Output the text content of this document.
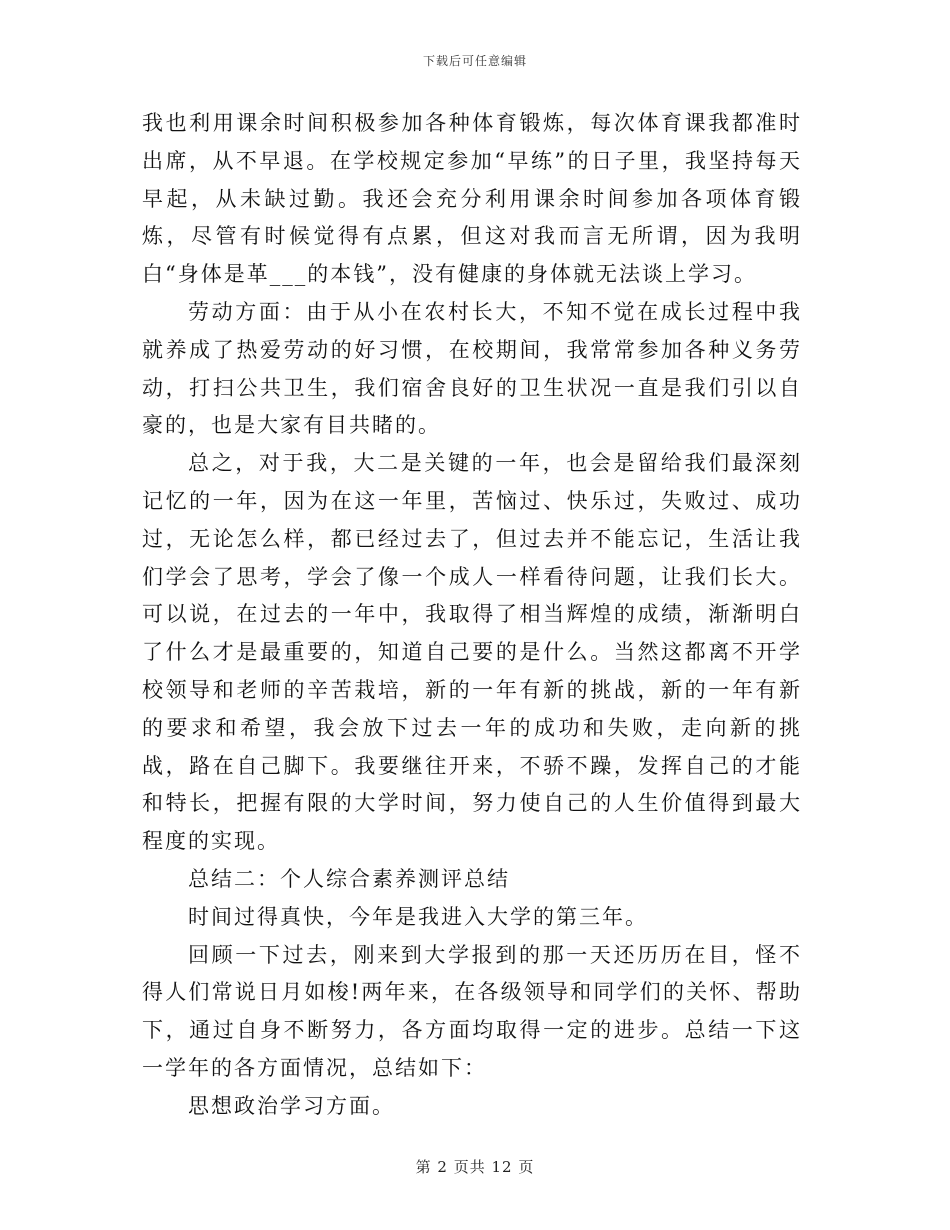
下载后可任意编辑

我也利用课余时间积极参加各种体育锻炼，每次体育课我都准时出席，从不早退。在学校规定参加“早练”的日子里，我坚持每天早起，从未缺过勤。我还会充分利用课余时间参加各项体育锻炼，尽管有时候觉得有点累，但这对我而言无所谓，因为我明白“身体是革___的本钱”，没有健康的身体就无法谈上学习。

劳动方面：由于从小在农村长大，不知不觉在成长过程中我就养成了热爱劳动的好习惯，在校期间，我常常参加各种义务劳动，打扫公共卫生，我们宿舍良好的卫生状况一直是我们引以自豪的，也是大家有目共睹的。

总之，对于我，大二是关键的一年，也会是留给我们最深刻记忆的一年，因为在这一年里，苦恼过、快乐过，失败过、成功过，无论怎么样，都已经过去了，但过去并不能忘记，生活让我们学会了思考，学会了像一个成人一样看待问题，让我们长大。可以说，在过去的一年中，我取得了相当辉煌的成绩，渐渐明白了什么才是最重要的，知道自己要的是什么。当然这都离不开学校领导和老师的辛苦栽培，新的一年有新的挑战，新的一年有新的要求和希望，我会放下过去一年的成功和失败，走向新的挑战，路在自己脚下。我要继往开来，不骄不躁，发挥自己的才能和特长，把握有限的大学时间，努力使自己的人生价值得到最大程度的实现。

总结二：个人综合素养测评总结

时间过得真快，今年是我进入大学的第三年。

回顾一下过去，刚来到大学报到的那一天还历历在目，怪不得人们常说日月如梭!两年来，在各级领导和同学们的关怀、帮助下，通过自身不断努力，各方面均取得一定的进步。总结一下这一学年的各方面情况，总结如下：

思想政治学习方面。

第 2 页共 12 页
